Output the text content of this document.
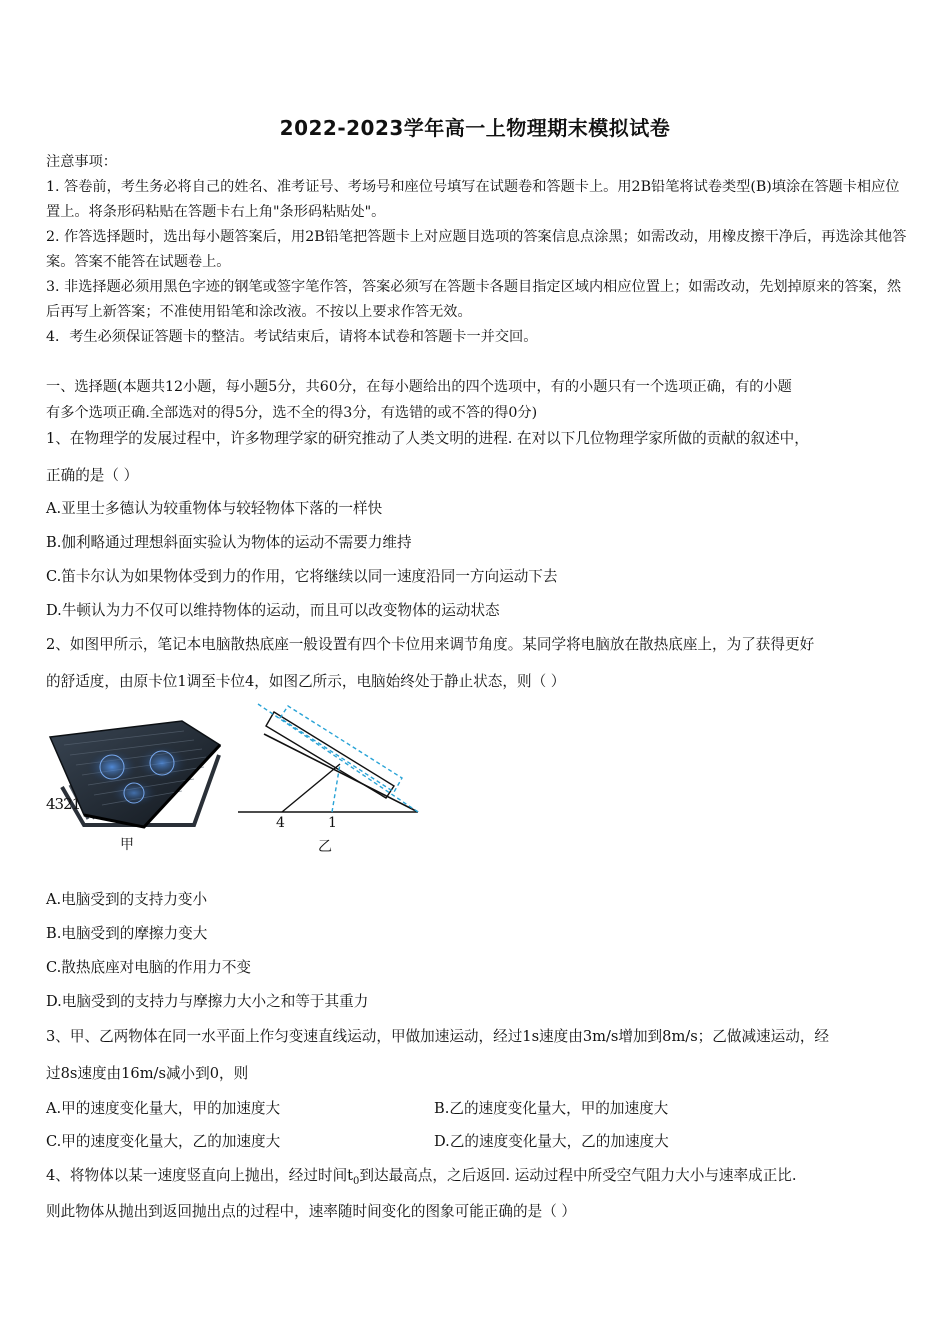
2022-2023学年高一上物理期末模拟试卷

注意事项：

1. 答卷前，考生务必将自己的姓名、准考证号、考场号和座位号填写在试题卷和答题卡上。用2B铅笔将试卷类型(B)填涂在答题卡相应位置上。将条形码粘贴在答题卡右上角"条形码粘贴处"。

2. 作答选择题时，选出每小题答案后，用2B铅笔把答题卡上对应题目选项的答案信息点涂黑；如需改动，用橡皮擦干净后，再选涂其他答案。答案不能答在试题卷上。

3. 非选择题必须用黑色字迹的钢笔或签字笔作答，答案必须写在答题卡各题目指定区域内相应位置上；如需改动，先划掉原来的答案，然后再写上新答案；不准使用铅笔和涂改液。不按以上要求作答无效。

4．考生必须保证答题卡的整洁。考试结束后，请将本试卷和答题卡一并交回。

一、选择题(本题共12小题，每小题5分，共60分，在每小题给出的四个选项中，有的小题只有一个选项正确，有的小题
有多个选项正确.全部选对的得5分，选不全的得3分，有选错的或不答的得0分)
1、在物理学的发展过程中，许多物理学家的研究推动了人类文明的进程. 在对以下几位物理学家所做的贡献的叙述中，
正确的是（ ）
A.亚里士多德认为较重物体与较轻物体下落的一样快
B.伽利略通过理想斜面实验认为物体的运动不需要力维持
C.笛卡尔认为如果物体受到力的作用，它将继续以同一速度沿同一方向运动下去
D.牛顿认为力不仅可以维持物体的运动，而且可以改变物体的运动状态
2、如图甲所示，笔记本电脑散热底座一般设置有四个卡位用来调节角度。某同学将电脑放在散热底座上，为了获得更好
的舒适度，由原卡位1调至卡位4，如图乙所示，电脑始终处于静止状态，则（ ）
4321
甲
4	1
乙
A.电脑受到的支持力变小
B.电脑受到的摩擦力变大
C.散热底座对电脑的作用力不变
D.电脑受到的支持力与摩擦力大小之和等于其重力
3、甲、乙两物体在同一水平面上作匀变速直线运动，甲做加速运动，经过1s速度由3m/s增加到8m/s；乙做减速运动，经
过8s速度由16m/s减小到0，则
A.甲的速度变化量大，甲的加速度大	B.乙的速度变化量大，甲的加速度大
C.甲的速度变化量大，乙的加速度大	D.乙的速度变化量大，乙的加速度大
4、将物体以某一速度竖直向上抛出，经过时间$t_0$到达最高点，之后返回. 运动过程中所受空气阻力大小与速率成正比.
则此物体从抛出到返回抛出点的过程中，速率随时间变化的图象可能正确的是（ ）
